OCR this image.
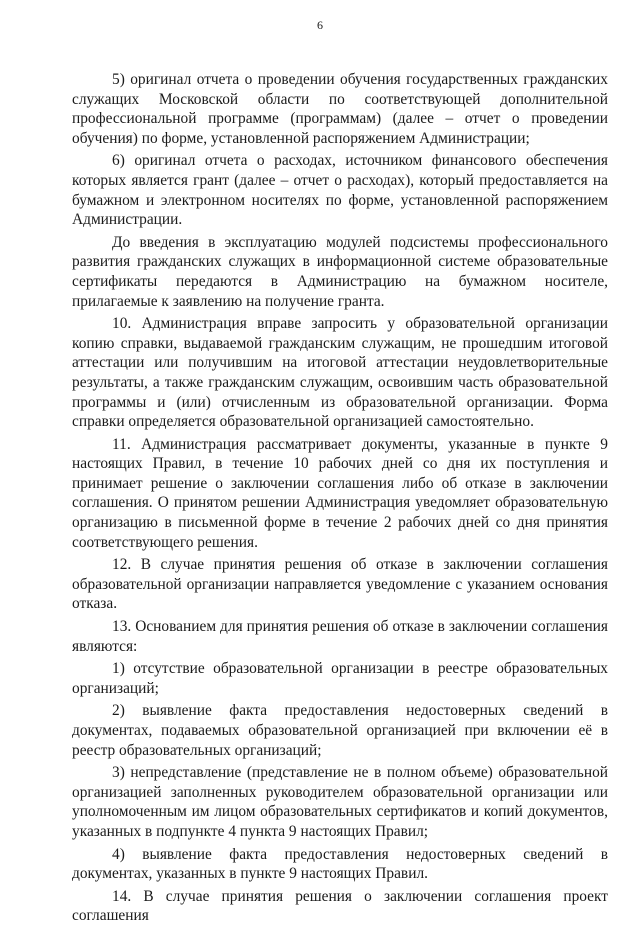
6

5) оригинал отчета о проведении обучения государственных гражданских служащих Московской области по соответствующей дополнительной профессиональной программе (программам) (далее – отчет о проведении обучения) по форме, установленной распоряжением Администрации;

6) оригинал отчета о расходах, источником финансового обеспечения которых является грант (далее – отчет о расходах), который предоставляется на бумажном и электронном носителях по форме, установленной распоряжением Администрации.

До введения в эксплуатацию модулей подсистемы профессионального развития гражданских служащих в информационной системе образовательные сертификаты передаются в Администрацию на бумажном носителе, прилагаемые к заявлению на получение гранта.

10. Администрация вправе запросить у образовательной организации копию справки, выдаваемой гражданским служащим, не прошедшим итоговой аттестации или получившим на итоговой аттестации неудовлетворительные результаты, а также гражданским служащим, освоившим часть образовательной программы и (или) отчисленным из образовательной организации. Форма справки определяется образовательной организацией самостоятельно.

11. Администрация рассматривает документы, указанные в пункте 9 настоящих Правил, в течение 10 рабочих дней со дня их поступления и принимает решение о заключении соглашения либо об отказе в заключении соглашения. О принятом решении Администрация уведомляет образовательную организацию в письменной форме в течение 2 рабочих дней со дня принятия соответствующего решения.

12. В случае принятия решения об отказе в заключении соглашения образовательной организации направляется уведомление с указанием основания отказа.

13. Основанием для принятия решения об отказе в заключении соглашения являются:

1) отсутствие образовательной организации в реестре образовательных организаций;

2) выявление факта предоставления недостоверных сведений в документах, подаваемых образовательной организацией при включении её в реестр образовательных организаций;

3) непредставление (представление не в полном объеме) образовательной организацией заполненных руководителем образовательной организации или уполномоченным им лицом образовательных сертификатов и копий документов, указанных в подпункте 4 пункта 9 настоящих Правил;

4) выявление факта предоставления недостоверных сведений в документах, указанных в пункте 9 настоящих Правил.

14. В случае принятия решения о заключении соглашения проект соглашения
